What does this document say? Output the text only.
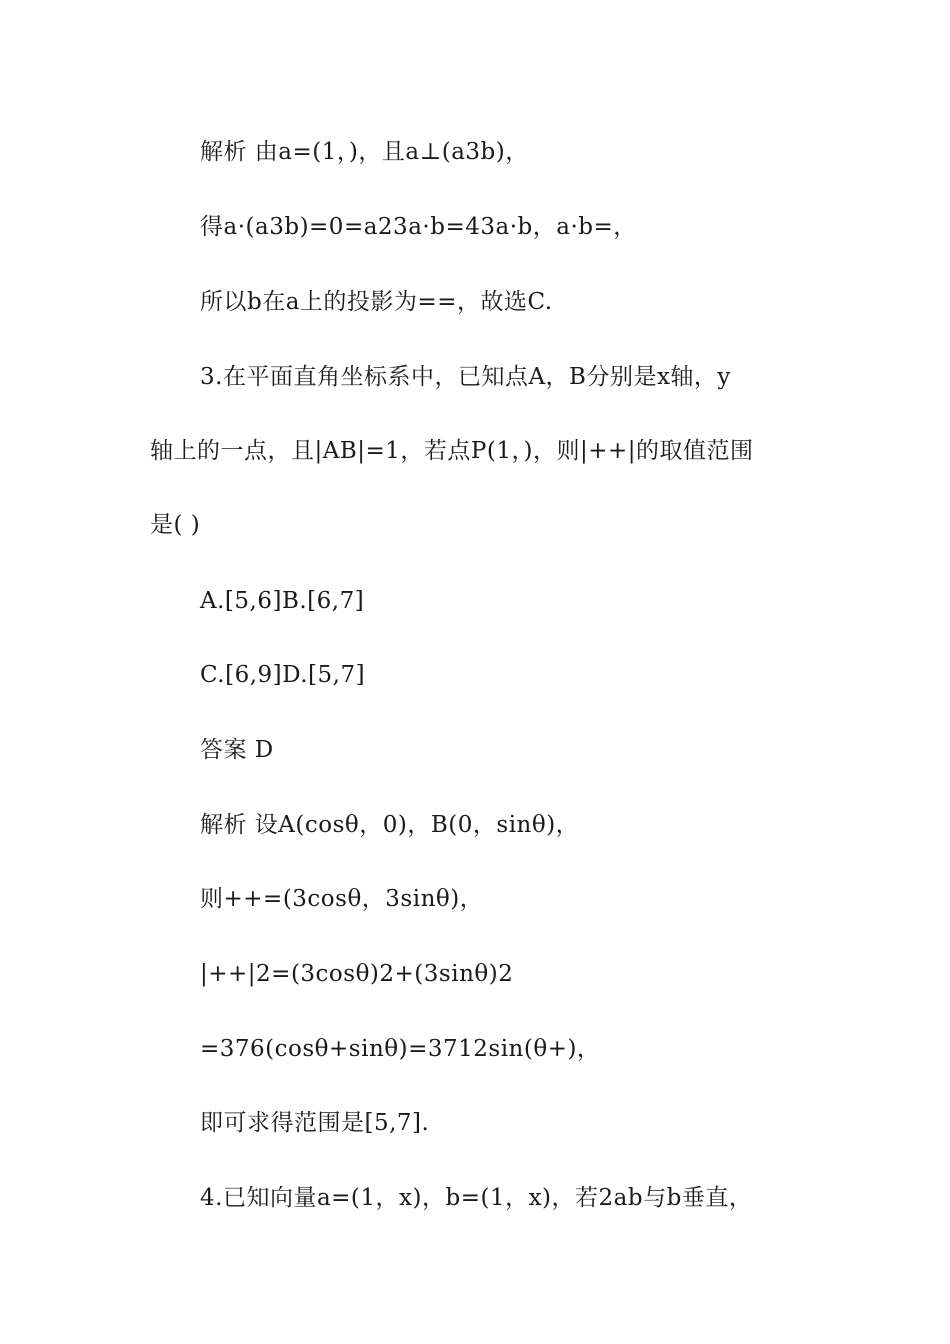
解析 由a=(1，)，且a⊥(a3b)，
得a·(a3b)=0=a23a·b=43a·b，a·b=，
所以b在a上的投影为==，故选C.
3.在平面直角坐标系中，已知点A，B分别是x轴，y
轴上的一点，且|AB|=1，若点P(1，)，则|++|的取值范围
是( )
A.[5,6]B.[6,7]
C.[6,9]D.[5,7]
答案 D
解析 设A(cosθ，0)，B(0，sinθ)，
则++=(3cosθ，3sinθ)，
|++|2=(3cosθ)2+(3sinθ)2
=376(cosθ+sinθ)=3712sin(θ+)，
即可求得范围是[5,7].
4.已知向量a=(1，x)，b=(1，x)，若2ab与b垂直，
